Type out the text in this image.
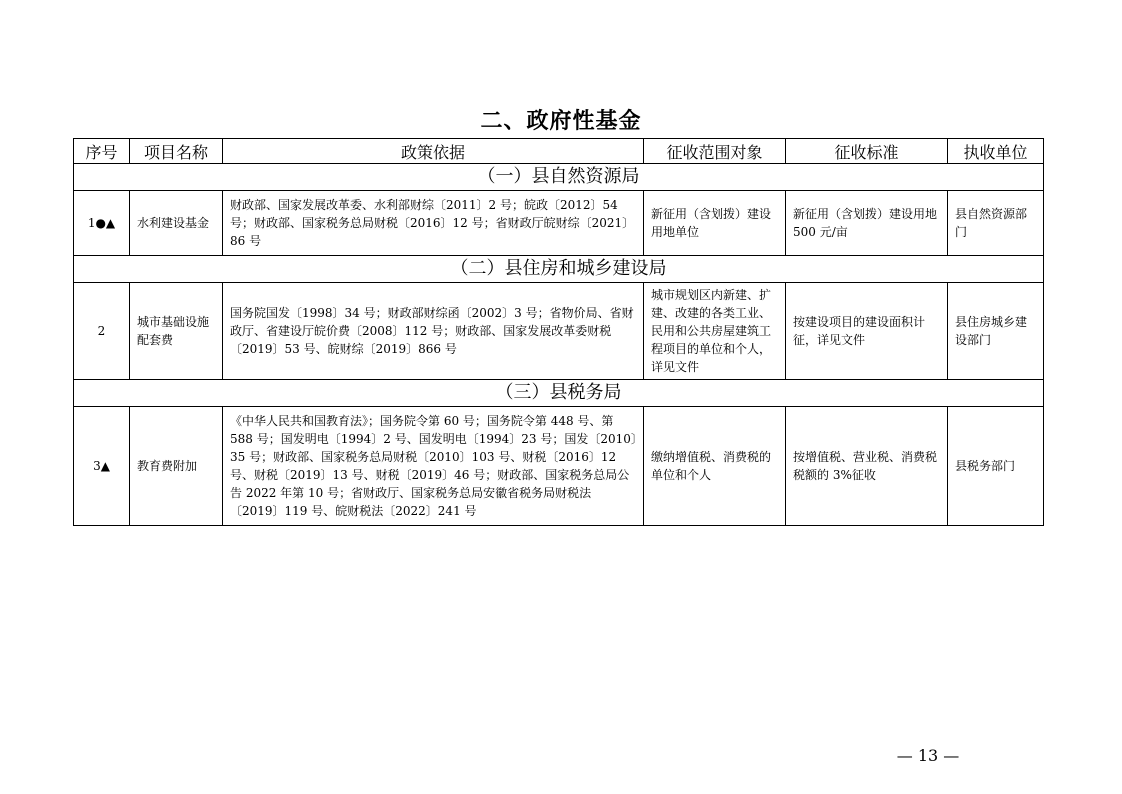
二、政府性基金
序号	项目名称	政策依据	征收范围对象	征收标准	执收单位
（一）县自然资源局					
1●▲	水利建设基金	财政部、国家发展改革委、水利部财综〔2011〕2 号；皖政〔2012〕54 号；财政部、国家税务总局财税〔2016〕12 号；省财政厅皖财综〔2021〕86 号	新征用（含划拨）建设用地单位	新征用（含划拨）建设用地 500 元/亩	县自然资源部门
（二）县住房和城乡建设局					
2	城市基础设施配套费	国务院国发〔1998〕34 号；财政部财综函〔2002〕3 号；省物价局、省财政厅、省建设厅皖价费〔2008〕112 号；财政部、国家发展改革委财税〔2019〕53 号、皖财综〔2019〕866 号	城市规划区内新建、扩建、改建的各类工业、民用和公共房屋建筑工程项目的单位和个人，详见文件	按建设项目的建设面积计征，详见文件	县住房城乡建设部门
（三）县税务局					
3▲	教育费附加	《中华人民共和国教育法》；国务院令第 60 号；国务院令第 448 号、第 588 号；国发明电〔1994〕2 号、国发明电〔1994〕23 号；国发〔2010〕35 号；财政部、国家税务总局财税〔2010〕103 号、财税〔2016〕12 号、财税〔2019〕13 号、财税〔2019〕46 号；财政部、国家税务总局公告 2022 年第 10 号；省财政厅、国家税务总局安徽省税务局财税法〔2019〕119 号、皖财税法〔2022〕241 号	缴纳增值税、消费税的单位和个人	按增值税、营业税、消费税税额的 3%征收	县税务部门
— 13 —
